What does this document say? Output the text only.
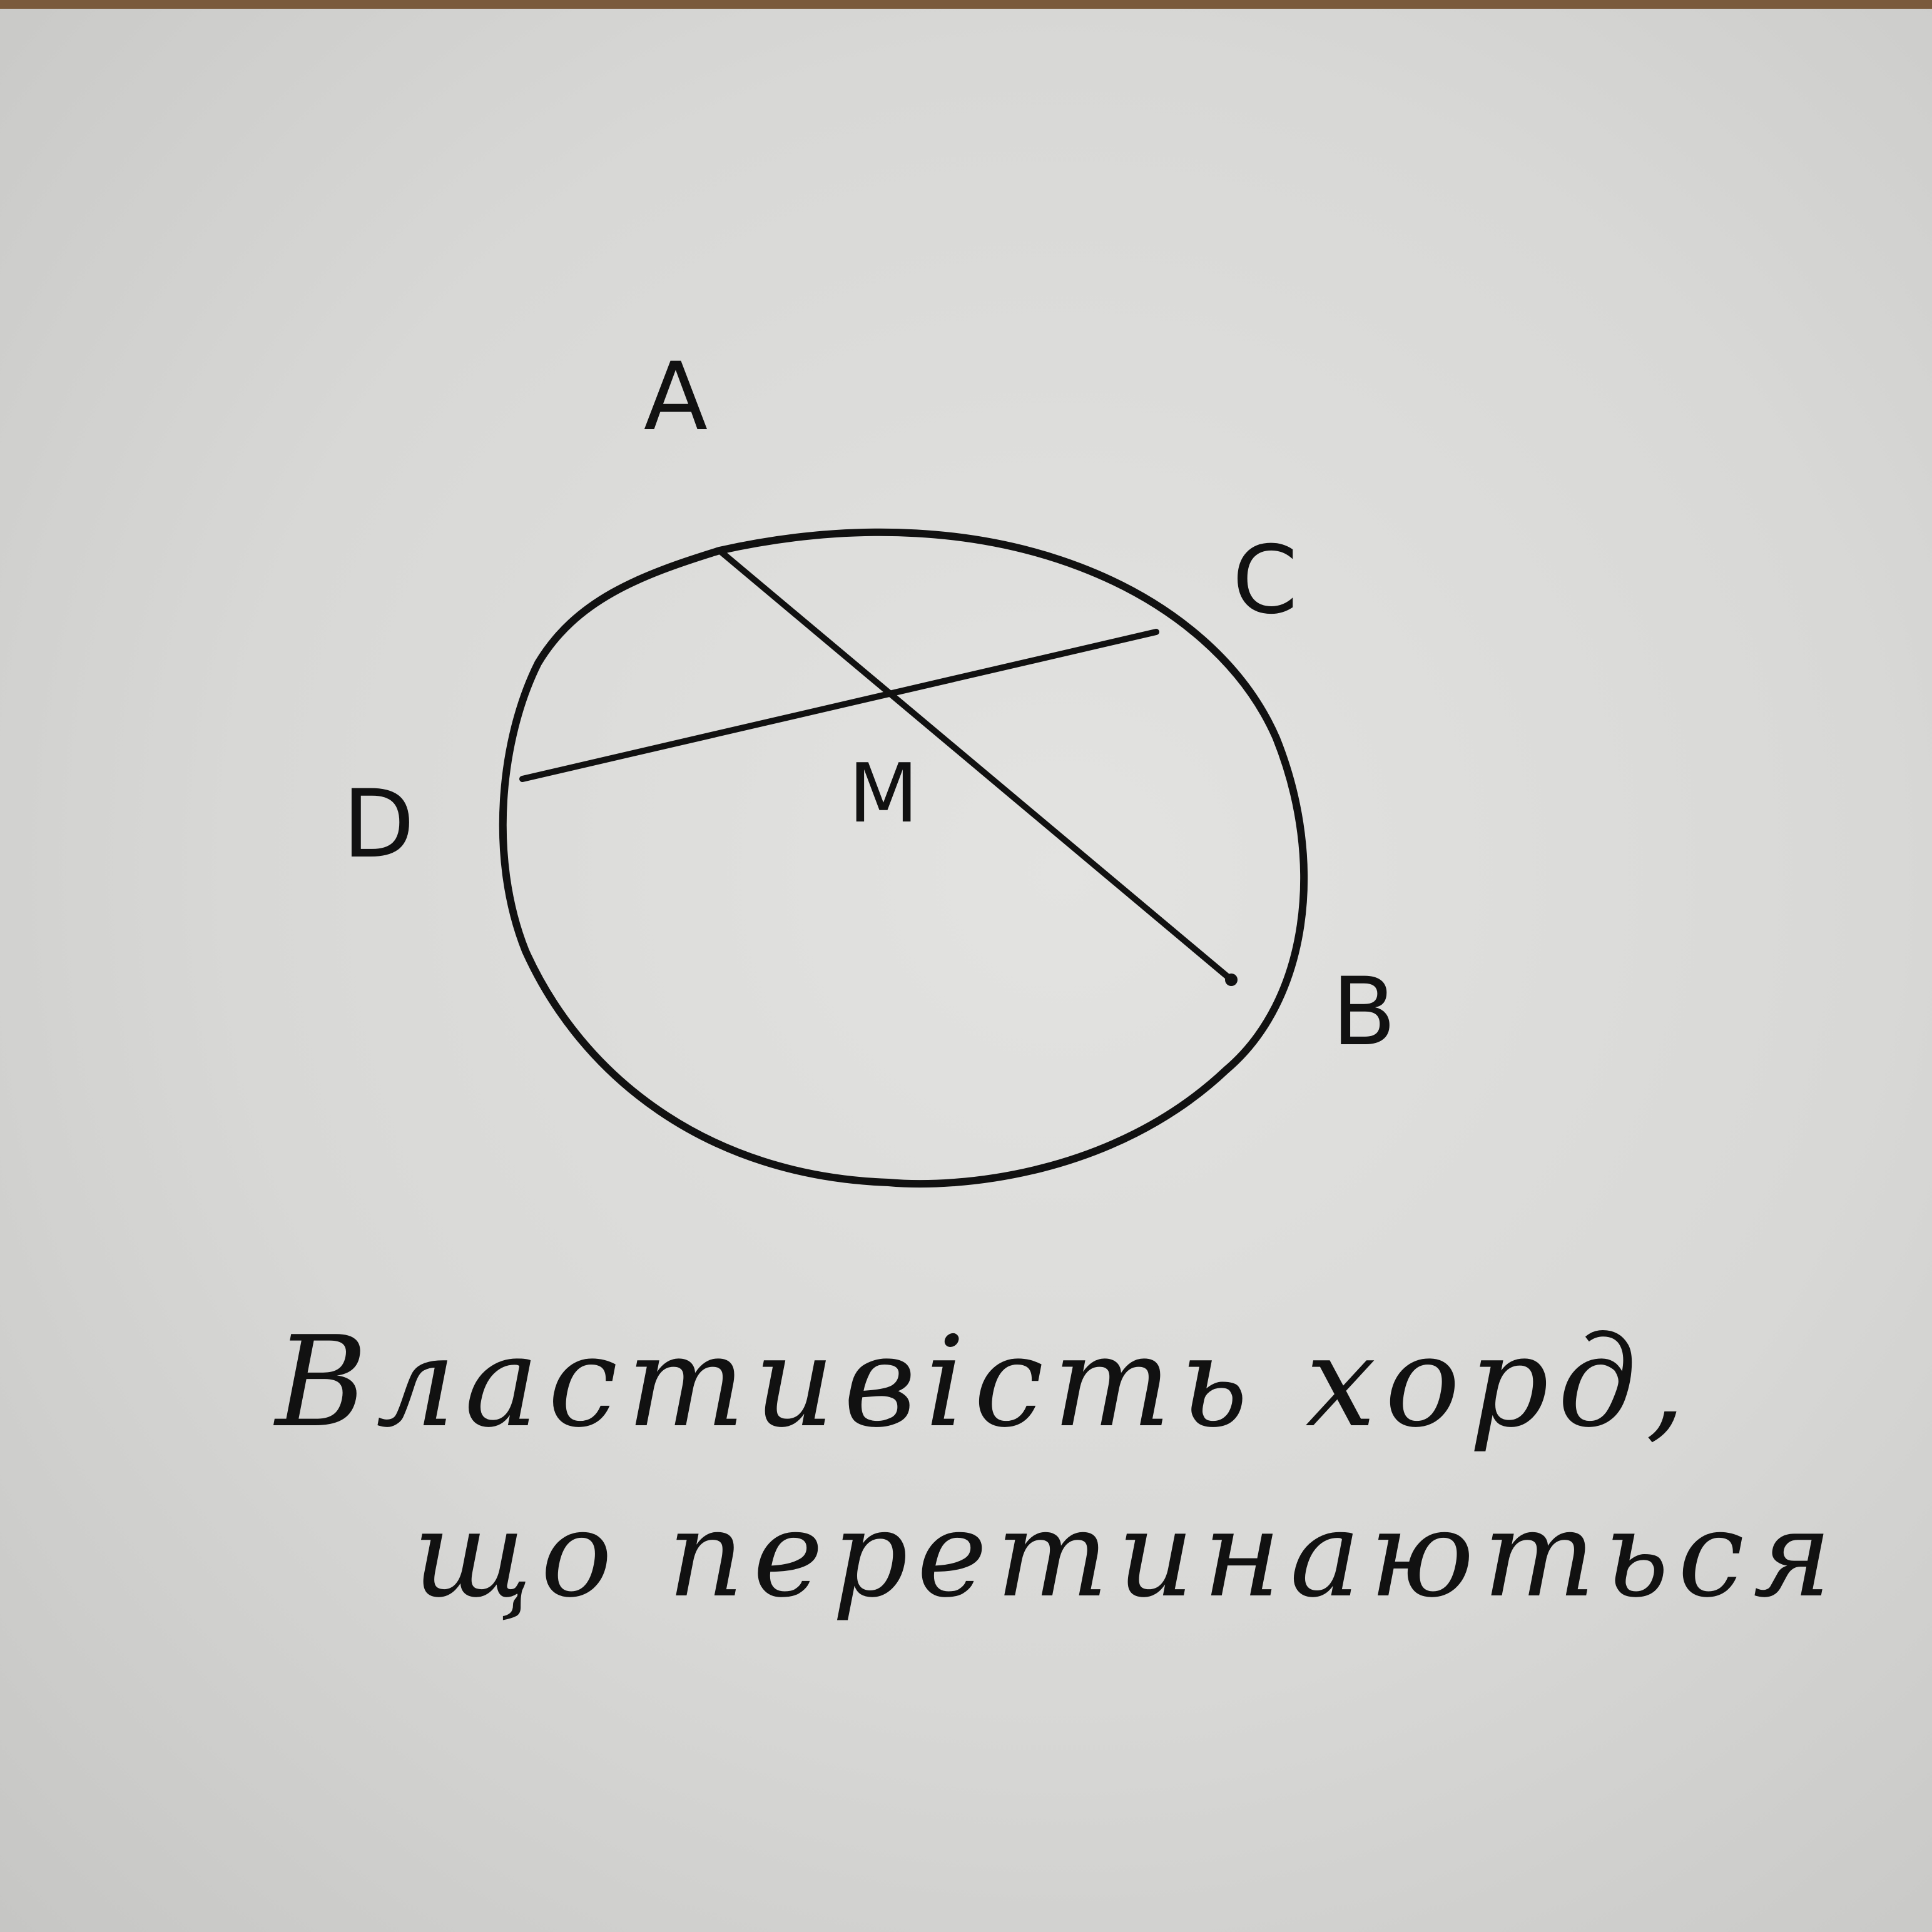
A
C
D	M
B
Властивість хорд,
що перетинаються
